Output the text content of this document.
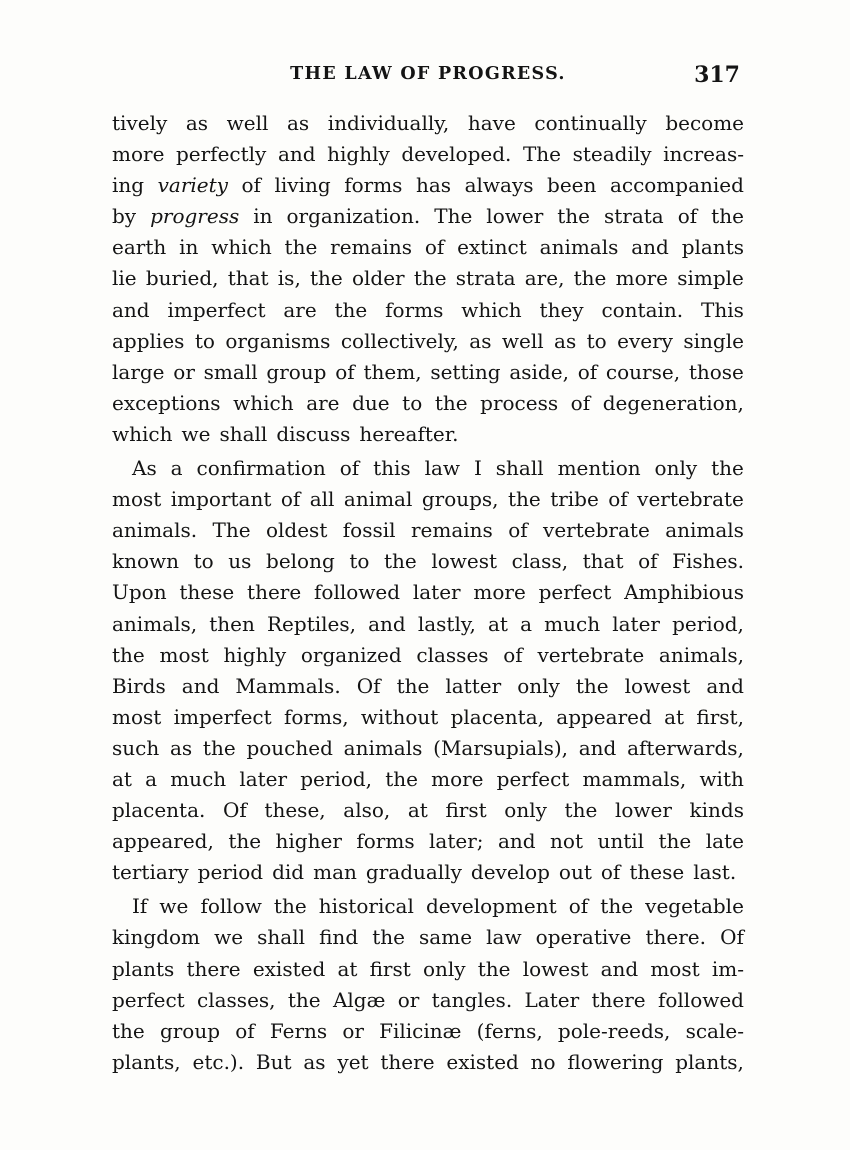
THE LAW OF PROGRESS.	317
tively as well as individually, have continually become
more perfectly and highly developed. The steadily increas-
ing variety of living forms has always been accompanied
by progress in organization. The lower the strata of the
earth in which the remains of extinct animals and plants
lie buried, that is, the older the strata are, the more simple
and imperfect are the forms which they contain. This
applies to organisms collectively, as well as to every single
large or small group of them, setting aside, of course, those
exceptions which are due to the process of degeneration,
which we shall discuss hereafter.
As a confirmation of this law I shall mention only the
most important of all animal groups, the tribe of vertebrate
animals. The oldest fossil remains of vertebrate animals
known to us belong to the lowest class, that of Fishes.
Upon these there followed later more perfect Amphibious
animals, then Reptiles, and lastly, at a much later period,
the most highly organized classes of vertebrate animals,
Birds and Mammals. Of the latter only the lowest and
most imperfect forms, without placenta, appeared at first,
such as the pouched animals (Marsupials), and afterwards,
at a much later period, the more perfect mammals, with
placenta. Of these, also, at first only the lower kinds
appeared, the higher forms later; and not until the late
tertiary period did man gradually develop out of these last.
If we follow the historical development of the vegetable
kingdom we shall find the same law operative there. Of
plants there existed at first only the lowest and most im-
perfect classes, the Algæ or tangles. Later there followed
the group of Ferns or Filicinæ (ferns, pole-reeds, scale-
plants, etc.). But as yet there existed no flowering plants,
